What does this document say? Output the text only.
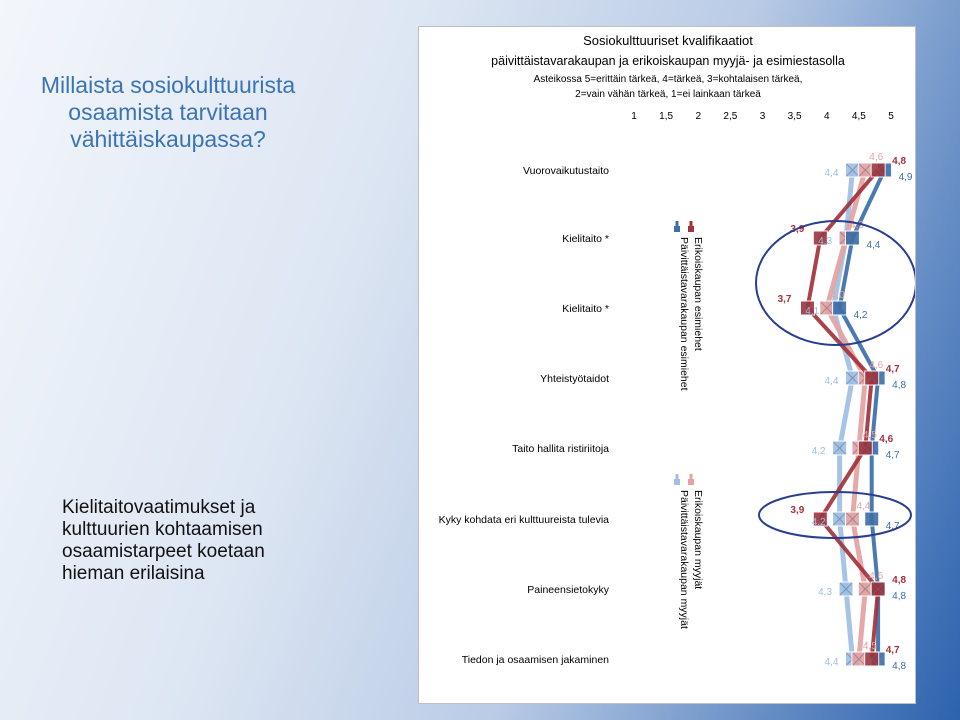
Millaista sosiokulttuurista osaamista tarvitaan vähittäiskaupassa?
Kielitaitovaatimukset ja kulttuurien kohtaamisen osaamistarpeet koetaan hieman erilaisina
Sosiokulttuuriset kvalifikaatiot
päivittäistavarakaupan ja erikoiskaupan myyjä- ja esimiestasolla
Asteikossa 5=erittäin tärkeä, 4=tärkeä, 3=kohtalaisen tärkeä,
2=vain vähän tärkeä, 1=ei lainkaan tärkeä
1 1,5 2 2,5 3 3,5 4 4,5 5
Vuorovaikutustaito
Kielitaito *
Kielitaito *
Yhteistyötaidot
Taito hallita ristiriitoja
Kyky kohdata eri kulttuureista tulevia
Paineensietokyky
Tiedon ja osaamisen jakaminen
Erikoiskaupan esimiehet
Päivittäistavarakaupan esimiehet
Erikoiskaupan myyjät
Päivittäistavarakaupan myyjät
4,4
4,3
4,1
4,4
4,2
4,2
4,3
4,4
4,6
4,3
4,0
4,6
4,5
4,4
4,6
4,5
4,9
4,4
4,2
4,8
4,7
4,7
4,8
4,8
4,8
3,9
3,7
4,7
4,6
3,9
4,8
4,7
